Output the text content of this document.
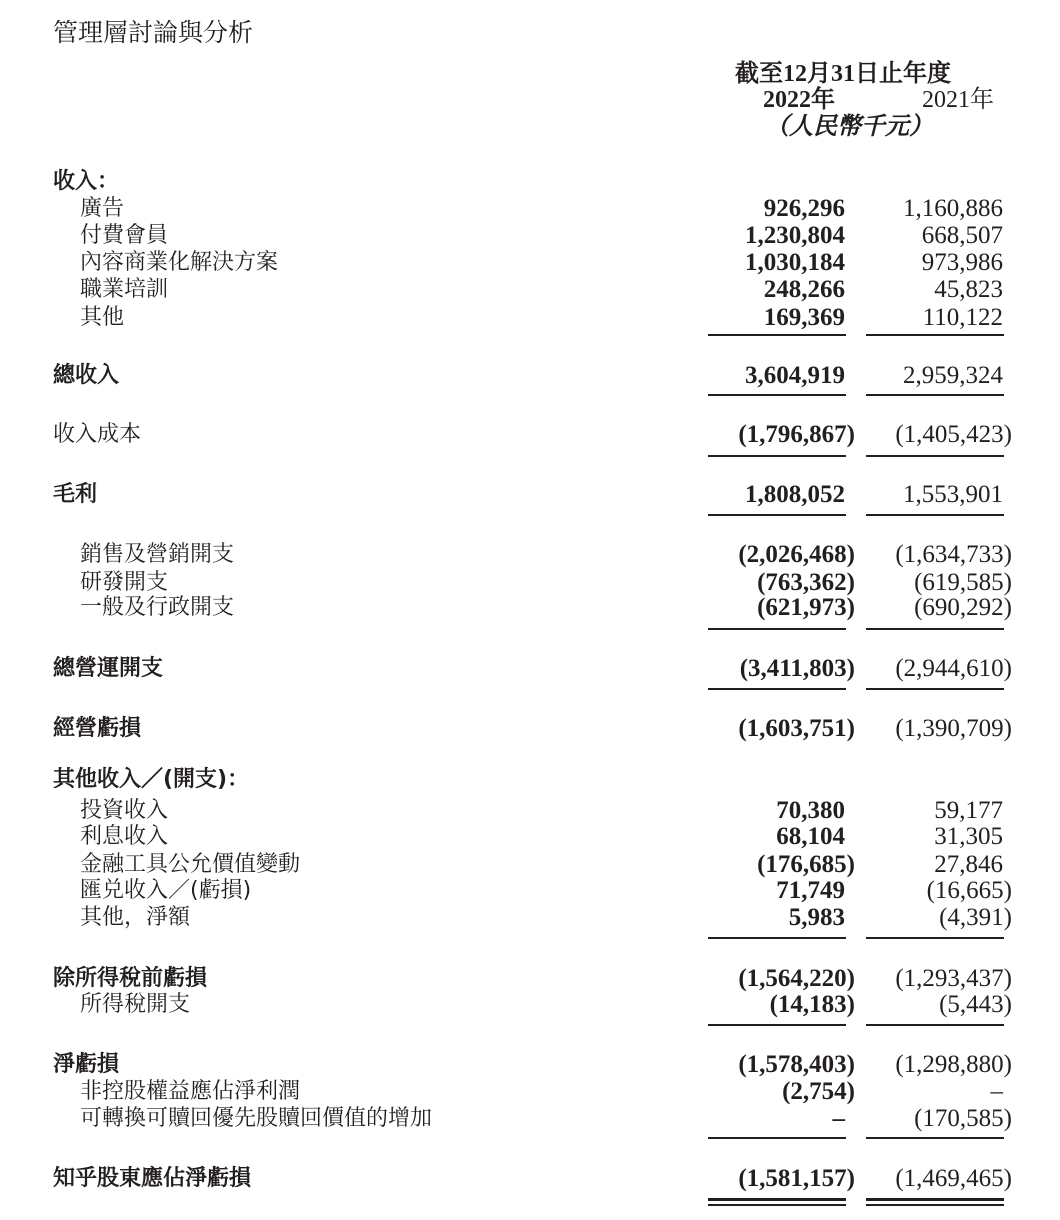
管理層討論與分析
截至12月31日止年度
2022年	2021年
（人民幣千元）
收入：
廣告	926,296 1,160,886
付費會員	1,230,804	668,507
內容商業化解決方案	1,030,184	973,986
職業培訓	248,266	45,823
其他	169,369	110,122
總收入	3,604,919 2,959,324
收入成本	(1,796,867) (1,405,423)
毛利	1,808,052 1,553,901
銷售及營銷開支	(2,026,468) (1,634,733)
研發開支	(763,362) (619,585)
一般及行政開支	(621,973) (690,292)
總營運開支	(3,411,803) (2,944,610)
經營虧損	(1,603,751) (1,390,709)
其他收入／(開支)：
投資收入	70,380	59,177
利息收入	68,104	31,305
金融工具公允價值變動	(176,685)	27,846
匯兑收入／(虧損)	71,749	(16,665)
其他，淨額	5,983	(4,391)
除所得稅前虧損	(1,564,220) (1,293,437)
所得稅開支	(14,183)	(5,443)
淨虧損	(1,578,403) (1,298,880)
非控股權益應佔淨利潤	(2,754)	–
可轉換可贖回優先股贖回價值的增加	–	(170,585)
知乎股東應佔淨虧損	(1,581,157) (1,469,465)
